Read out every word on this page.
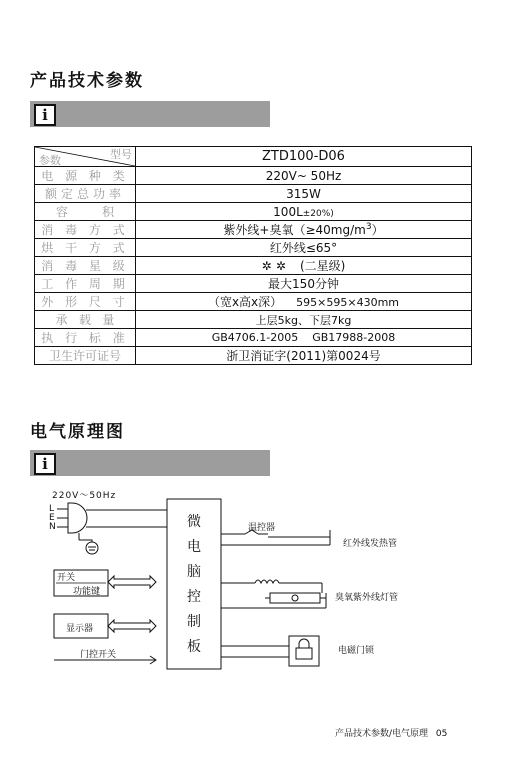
产品技术参数
i
参数 型号	ZTD100-D06
电 源 种 类	220V~ 50Hz
额定总功率	315W
容         积	100L±20%)
消 毒 方 式	紫外线+臭氧$(\ge 40mg/m^3)$
烘 干 方 式	红外线≤65°
消 毒 星 级	✲ ✲ (二星级)
工 作 周 期	最大150分钟
外 形 尺 寸	（宽x高x深） 595×595×430mm
承   载   量	上层5kg、下层7kg
执 行 标 准	GB4706.1-2005    GB17988-2008
卫生许可证号	浙卫消证字(2011)第0024号
电气原理图
i
220V～50Hz
L
E
N	微
电
脑
控
制
板
开关
功能键
显示器
门控开关
温控器
红外线发热管
臭氧紫外线灯管
电磁门锁
产品技术参数/电气原理 05
